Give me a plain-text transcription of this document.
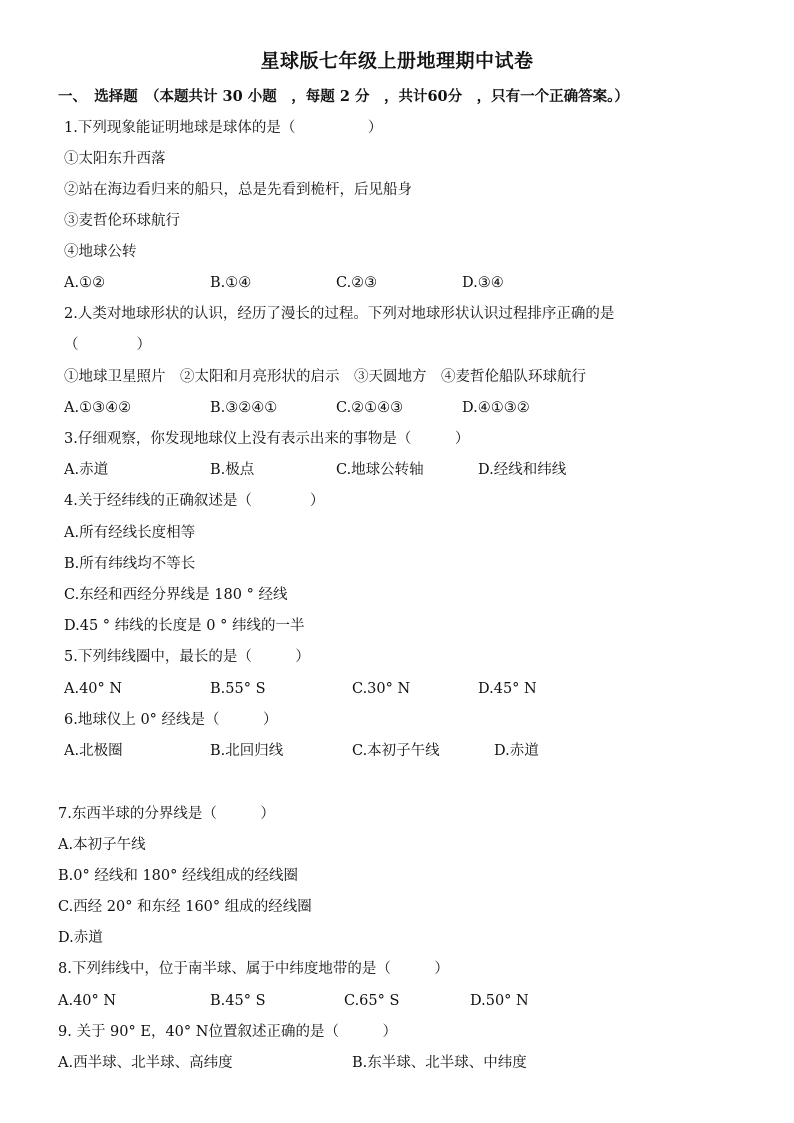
星球版七年级上册地理期中试卷
一、　选择题　（本题共计 30 小题　，每题 2 分　，共计60分　，只有一个正确答案。）
1.下列现象能证明地球是球体的是（　　　　　）
①太阳东升西落
②站在海边看归来的船只，总是先看到桅杆，后见船身
③麦哲伦环球航行
④地球公转
A.①②	B.①④	C.②③	D.③④
2.人类对地球形状的认识，经历了漫长的过程。下列对地球形状认识过程排序正确的是
（　　　　）
①地球卫星照片　②太阳和月亮形状的启示　③天圆地方　④麦哲伦船队环球航行
A.①③④②	B.③②④①	C.②①④③	D.④①③②
3.仔细观察，你发现地球仪上没有表示出来的事物是（　　　）
A.赤道	B.极点	C.地球公转轴	D.经线和纬线
4.关于经纬线的正确叙述是（　　　　）
A.所有经线长度相等
B.所有纬线均不等长
C.东经和西经分界线是 180 ° 经线
D.45 ° 纬线的长度是 0 ° 纬线的一半
5.下列纬线圈中，最长的是（　　　）
A.40° N	B.55° S	C.30° N	D.45° N
6.地球仪上 0° 经线是（　　　）
A.北极圈	B.北回归线	C.本初子午线	D.赤道
7.东西半球的分界线是（　　　）
A.本初子午线
B.0° 经线和 180° 经线组成的经线圈
C.西经 20° 和东经 160° 组成的经线圈
D.赤道
8.下列纬线中，位于南半球、属于中纬度地带的是（　　　）
A.40° N	B.45° S	C.65° S	D.50° N
9. 关于 90° E，40° N位置叙述正确的是（　　　）
A.西半球、北半球、高纬度	B.东半球、北半球、中纬度
